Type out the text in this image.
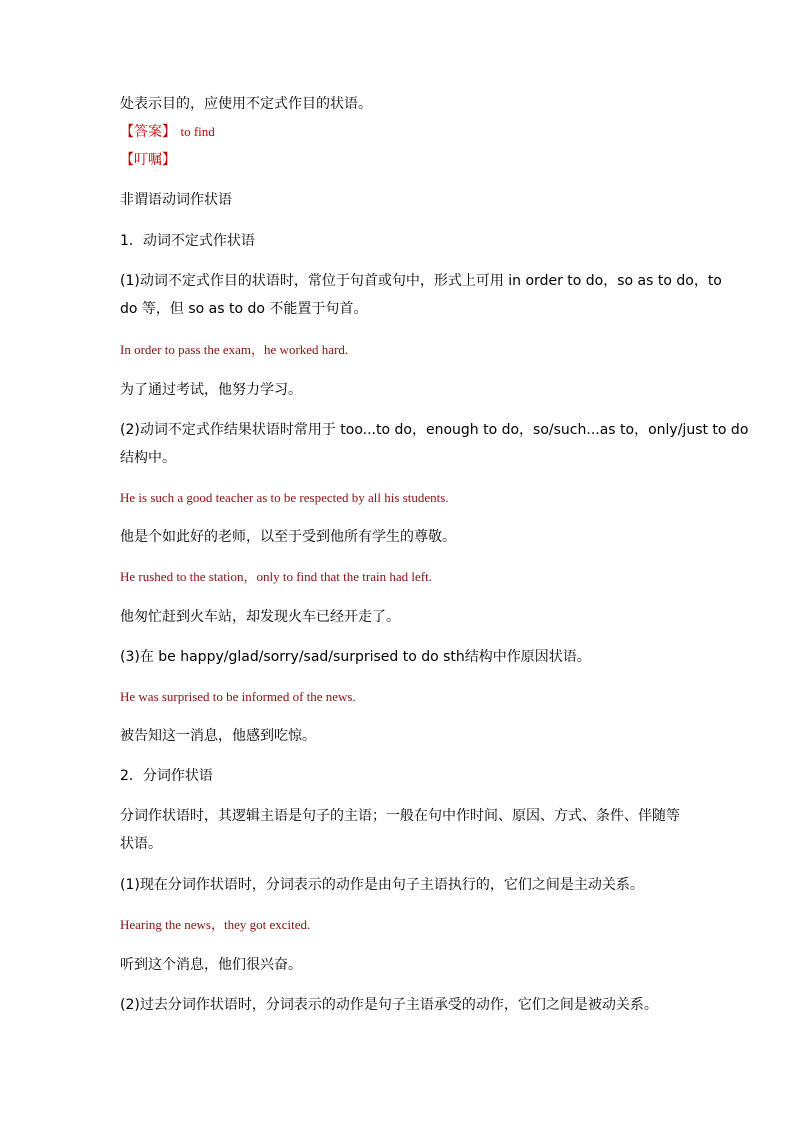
处表示目的，应使用不定式作目的状语。
【答案】 to find
【叮嘱】
非谓语动词作状语
1．动词不定式作状语
(1)动词不定式作目的状语时，常位于句首或句中，形式上可用 in order to do，so as to do，to
do 等，但 so as to do 不能置于句首。
In order to pass the exam，he worked hard.
为了通过考试，他努力学习。
(2)动词不定式作结果状语时常用于 too...to do，enough to do，so/such...as to，only/just to do
结构中。
He is such a good teacher as to be respected by all his students.
他是个如此好的老师，以至于受到他所有学生的尊敬。
He rushed to the station，only to find that the train had left.
他匆忙赶到火车站，却发现火车已经开走了。
(3)在 be happy/glad/sorry/sad/surprised to do sth结构中作原因状语。
He was surprised to be informed of the news.
被告知这一消息，他感到吃惊。
2．分词作状语
分词作状语时，其逻辑主语是句子的主语；一般在句中作时间、原因、方式、条件、伴随等
状语。
(1)现在分词作状语时，分词表示的动作是由句子主语执行的，它们之间是主动关系。
Hearing the news，they got excited.
听到这个消息，他们很兴奋。
(2)过去分词作状语时，分词表示的动作是句子主语承受的动作，它们之间是被动关系。
